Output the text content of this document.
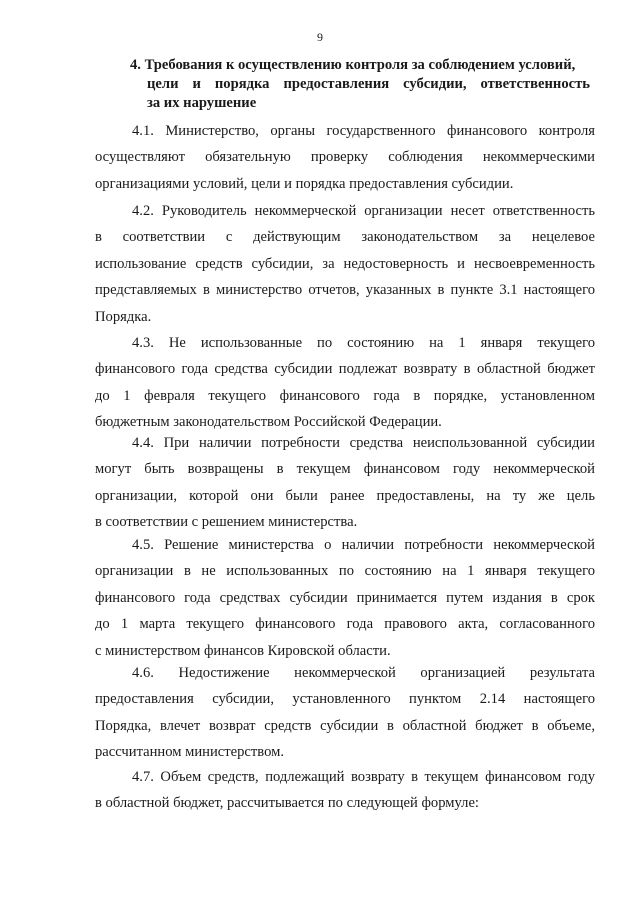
9
4. Требования к осуществлению контроля за соблюдением условий,
цели и порядка предоставления субсидии, ответственность
за их нарушение
4.1. Министерство, органы государственного финансового контроля
осуществляют обязательную проверку соблюдения некоммерческими
организациями условий, цели и порядка предоставления субсидии.
4.2. Руководитель некоммерческой организации несет ответственность
в соответствии с действующим законодательством за нецелевое
использование средств субсидии, за недостоверность и несвоевременность
представляемых в министерство отчетов, указанных в пункте 3.1 настоящего
Порядка.
4.3. Не использованные по состоянию на 1 января текущего
финансового года средства субсидии подлежат возврату в областной бюджет
до 1 февраля текущего финансового года в порядке, установленном
бюджетным законодательством Российской Федерации.
4.4. При наличии потребности средства неиспользованной субсидии
могут быть возвращены в текущем финансовом году некоммерческой
организации, которой они были ранее предоставлены, на ту же цель
в соответствии с решением министерства.
4.5. Решение министерства о наличии потребности некоммерческой
организации в не использованных по состоянию на 1 января текущего
финансового года средствах субсидии принимается путем издания в срок
до 1 марта текущего финансового года правового акта, согласованного
с министерством финансов Кировской области.
4.6. Недостижение некоммерческой организацией результата
предоставления субсидии, установленного пунктом 2.14 настоящего
Порядка, влечет возврат средств субсидии в областной бюджет в объеме,
рассчитанном министерством.
4.7. Объем средств, подлежащий возврату в текущем финансовом году
в областной бюджет, рассчитывается по следующей формуле:
